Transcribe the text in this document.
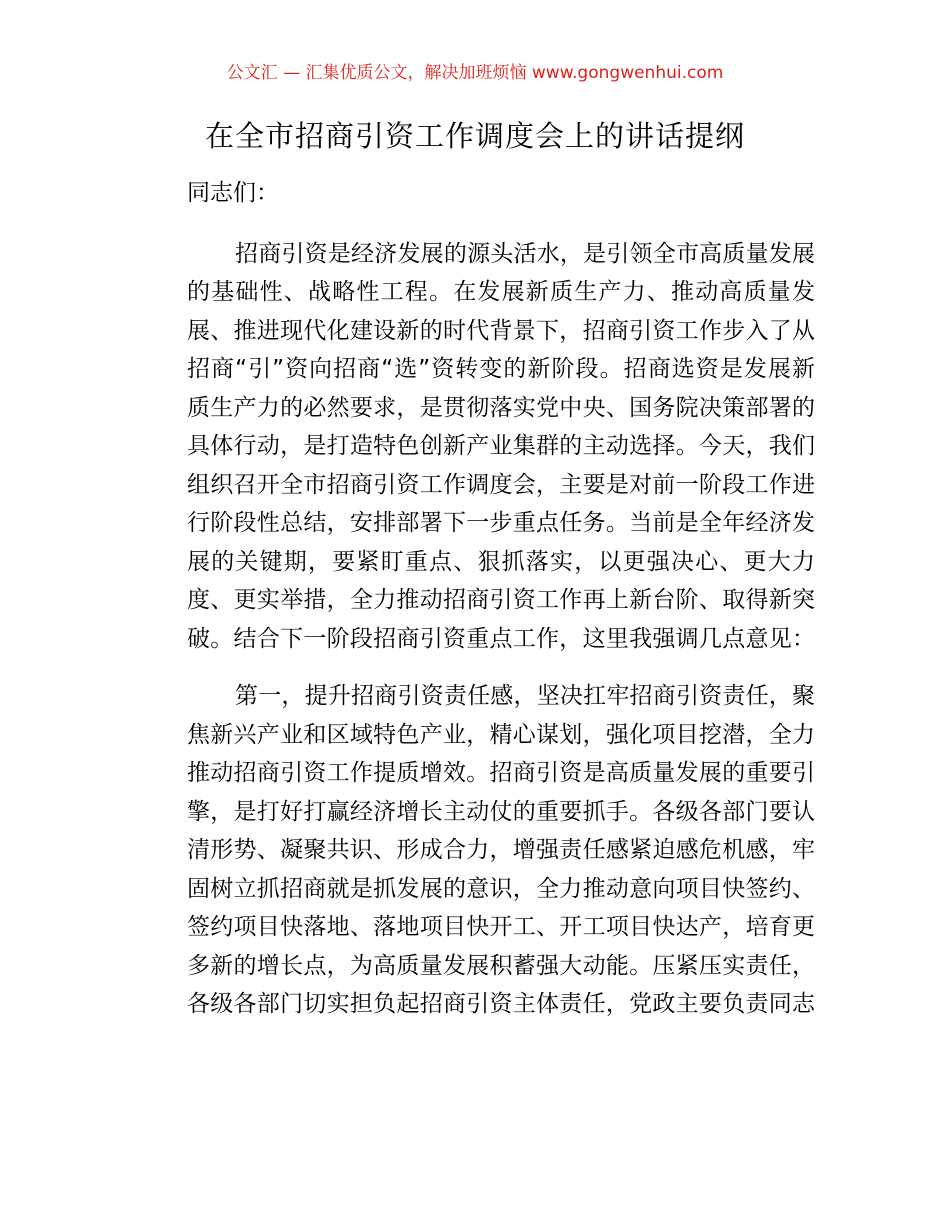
公文汇 — 汇集优质公文，解决加班烦恼 www.gongwenhui.com
在全市招商引资工作调度会上的讲话提纲
同志们：
招商引资是经济发展的源头活水，是引领全市高质量发展
的基础性、战略性工程。在发展新质生产力、推动高质量发
展、推进现代化建设新的时代背景下，招商引资工作步入了从
招商“引”资向招商“选”资转变的新阶段。招商选资是发展新
质生产力的必然要求，是贯彻落实党中央、国务院决策部署的
具体行动，是打造特色创新产业集群的主动选择。今天，我们
组织召开全市招商引资工作调度会，主要是对前一阶段工作进
行阶段性总结，安排部署下一步重点任务。当前是全年经济发
展的关键期，要紧盯重点、狠抓落实，以更强决心、更大力
度、更实举措，全力推动招商引资工作再上新台阶、取得新突
破。结合下一阶段招商引资重点工作，这里我强调几点意见：
第一，提升招商引资责任感，坚决扛牢招商引资责任，聚
焦新兴产业和区域特色产业，精心谋划，强化项目挖潜，全力
推动招商引资工作提质增效。招商引资是高质量发展的重要引
擎，是打好打赢经济增长主动仗的重要抓手。各级各部门要认
清形势、凝聚共识、形成合力，增强责任感紧迫感危机感，牢
固树立抓招商就是抓发展的意识，全力推动意向项目快签约、
签约项目快落地、落地项目快开工、开工项目快达产，培育更
多新的增长点，为高质量发展积蓄强大动能。压紧压实责任，
各级各部门切实担负起招商引资主体责任，党政主要负责同志
